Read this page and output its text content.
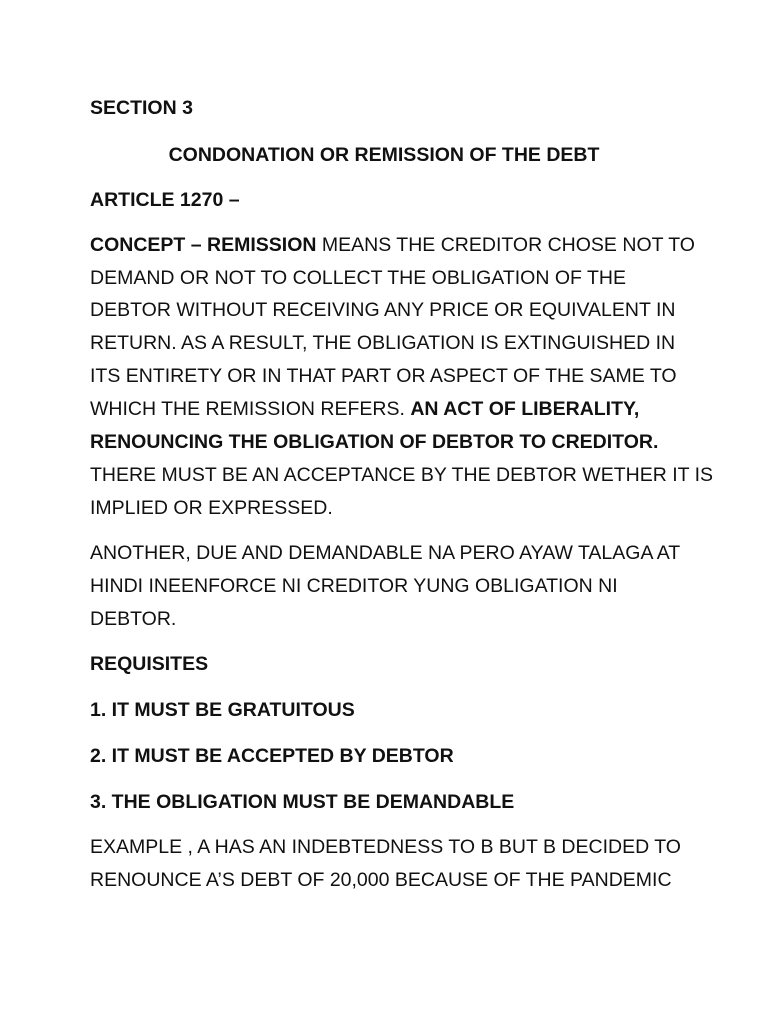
SECTION 3
CONDONATION OR REMISSION OF THE DEBT
ARTICLE 1270 –
CONCEPT – REMISSION MEANS THE CREDITOR CHOSE NOT TO
DEMAND OR NOT TO COLLECT THE OBLIGATION OF THE
DEBTOR WITHOUT RECEIVING ANY PRICE OR EQUIVALENT IN
RETURN. AS A RESULT, THE OBLIGATION IS EXTINGUISHED IN
ITS ENTIRETY OR IN THAT PART OR ASPECT OF THE SAME TO
WHICH THE REMISSION REFERS. AN ACT OF LIBERALITY,
RENOUNCING THE OBLIGATION OF DEBTOR TO CREDITOR.
THERE MUST BE AN ACCEPTANCE BY THE DEBTOR WETHER IT IS
IMPLIED OR EXPRESSED.
ANOTHER, DUE AND DEMANDABLE NA PERO AYAW TALAGA AT
HINDI INEENFORCE NI CREDITOR YUNG OBLIGATION NI
DEBTOR.
REQUISITES
1. IT MUST BE GRATUITOUS
2. IT MUST BE ACCEPTED BY DEBTOR
3. THE OBLIGATION MUST BE DEMANDABLE
EXAMPLE , A HAS AN INDEBTEDNESS TO B BUT B DECIDED TO
RENOUNCE A’S DEBT OF 20,000 BECAUSE OF THE PANDEMIC
